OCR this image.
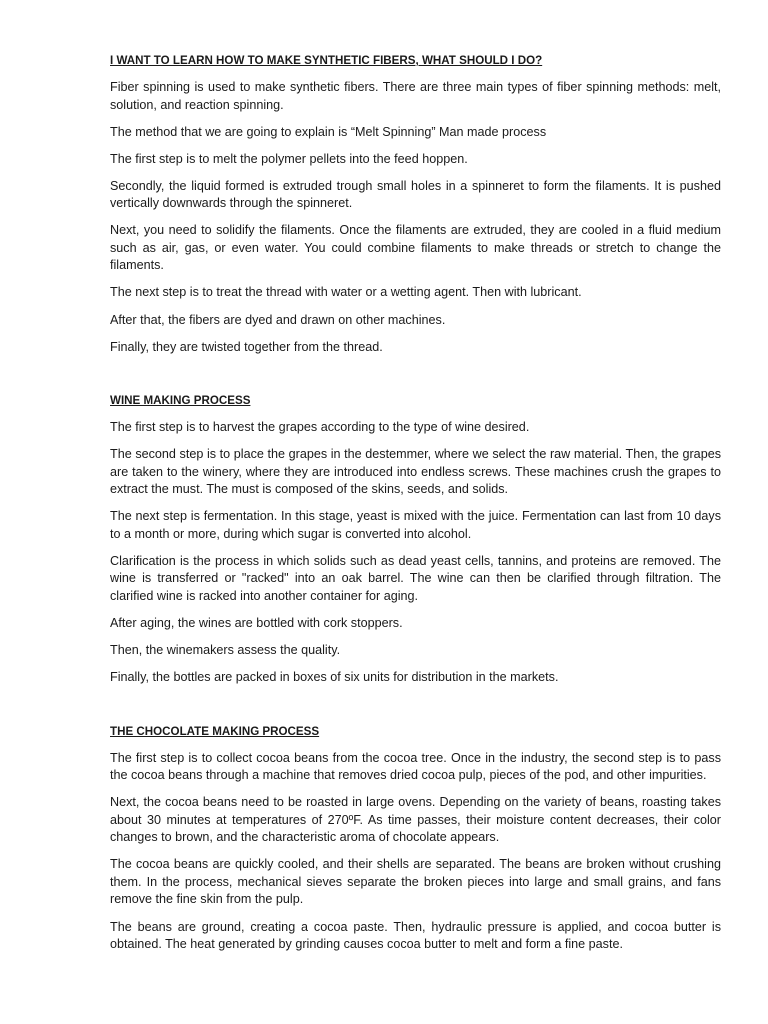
I WANT TO LEARN HOW TO MAKE SYNTHETIC FIBERS, WHAT SHOULD I DO?

Fiber spinning is used to make synthetic fibers. There are three main types of fiber spinning methods: melt, solution, and reaction spinning.

The method that we are going to explain is “Melt Spinning” Man made process

The first step is to melt the polymer pellets into the feed hoppen.

Secondly, the liquid formed is extruded trough small holes in a spinneret to form the filaments. It is pushed vertically downwards through the spinneret.

Next, you need to solidify the filaments. Once the filaments are extruded, they are cooled in a fluid medium such as air, gas, or even water. You could combine filaments to make threads or stretch to change the filaments.

The next step is to treat the thread with water or a wetting agent. Then with lubricant.

After that, the fibers are dyed and drawn on other machines.

Finally, they are twisted together from the thread.

WINE MAKING PROCESS

The first step is to harvest the grapes according to the type of wine desired.

The second step is to place the grapes in the destemmer, where we select the raw material. Then, the grapes are taken to the winery, where they are introduced into endless screws. These machines crush the grapes to extract the must. The must is composed of the skins, seeds, and solids.

The next step is fermentation. In this stage, yeast is mixed with the juice. Fermentation can last from 10 days to a month or more, during which sugar is converted into alcohol.

Clarification is the process in which solids such as dead yeast cells, tannins, and proteins are removed. The wine is transferred or "racked" into an oak barrel. The wine can then be clarified through filtration. The clarified wine is racked into another container for aging.

After aging, the wines are bottled with cork stoppers.

Then, the winemakers assess the quality.

Finally, the bottles are packed in boxes of six units for distribution in the markets.

THE CHOCOLATE MAKING PROCESS

The first step is to collect cocoa beans from the cocoa tree. Once in the industry, the second step is to pass the cocoa beans through a machine that removes dried cocoa pulp, pieces of the pod, and other impurities.

Next, the cocoa beans need to be roasted in large ovens. Depending on the variety of beans, roasting takes about 30 minutes at temperatures of 270ºF. As time passes, their moisture content decreases, their color changes to brown, and the characteristic aroma of chocolate appears.

The cocoa beans are quickly cooled, and their shells are separated. The beans are broken without crushing them. In the process, mechanical sieves separate the broken pieces into large and small grains, and fans remove the fine skin from the pulp.

The beans are ground, creating a cocoa paste. Then, hydraulic pressure is applied, and cocoa butter is obtained. The heat generated by grinding causes cocoa butter to melt and form a fine paste.
